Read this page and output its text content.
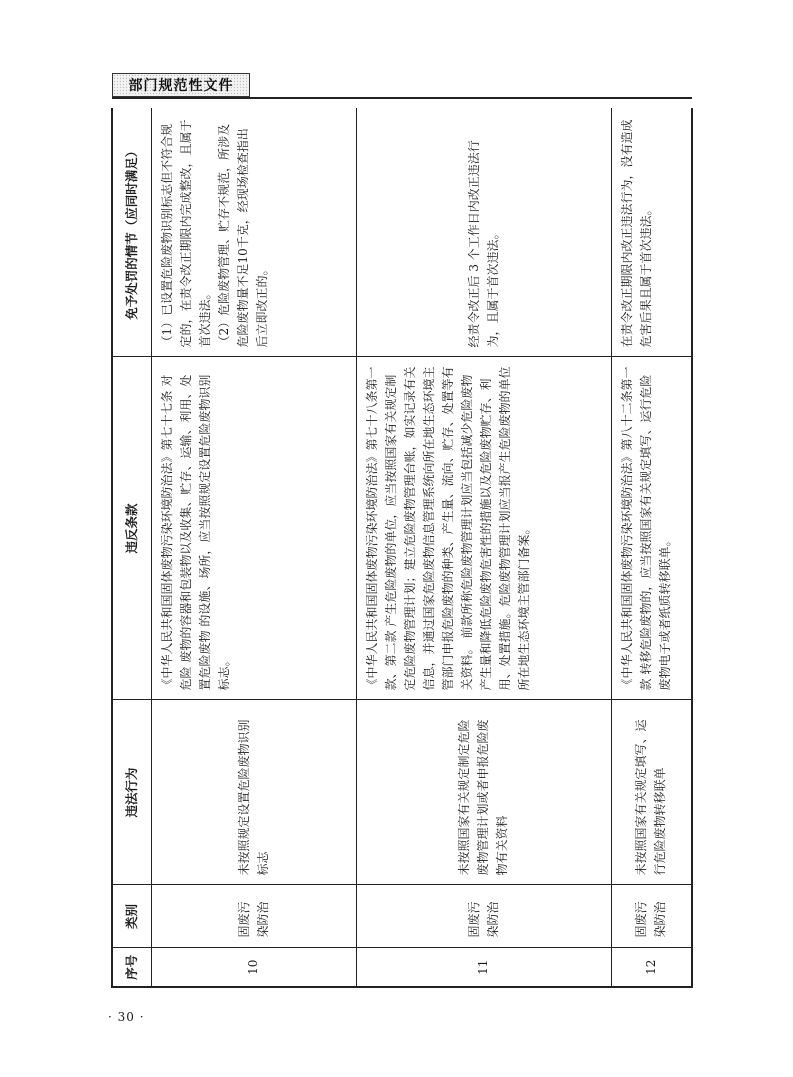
部门规范性文件
序号	类别	违法行为	违反条款	免予处罚的情节（应同时满足）
10	固废污染防治	未按照规定设置危险废物识别标志	《中华人民共和国固体废物污染环境防治法》第七十七条 对危险 废物的容器和包装物以及收集、贮存、运输、利用、处置危险废物 的设施、场所，应当按照规定设置危险废物识别标志。	（1）已设置危险废物识别标志但不符合规定的，在责令改正期限内完成整改，且属于首次违法。 （2）危险废物管理、贮存不规范，所涉及危险废物量不足10千克，经现场检查指出后立即改正的。

11	固废污染防治	未按照国家有关规定制定危险废物管理计划或者申报危险废物有关资料	《中华人民共和国固体废物污染环境防治法》第七十八条第一款、第二款 产生危险废物的单位，应当按照国家有关规定制定危险废物管理计划；建立危险废物管理台账，如实记录有关信息，并通过国家危险废物信息管理系统向所在地生态环境主管部门申报危险废物的种类、产生量、流向、贮存、处置等有关资料。 前款所称危险废物管理计划应当包括减少危险废物产生量和降低危险废物危害性的措施以及危险废物贮存、利用、处置措施。危险废物管理计划应当报产生危险废物的单位所在地生态环境主管部门备案。	经责令改正后 3 个工作日内改正违法行为，且属于首次违法。

12	固废污染防治	未按照国家有关规定填写、运行危险废物转移联单	《中华人民共和国固体废物污染环境防治法》第八十二条第一款 转移危险废物的，应当按照国家有关规定填写、运行危险废物电子或者纸质转移联单。	在责令改正期限内改正违法行为，没有造成危害后果且属于首次违法。
· 30 ·
